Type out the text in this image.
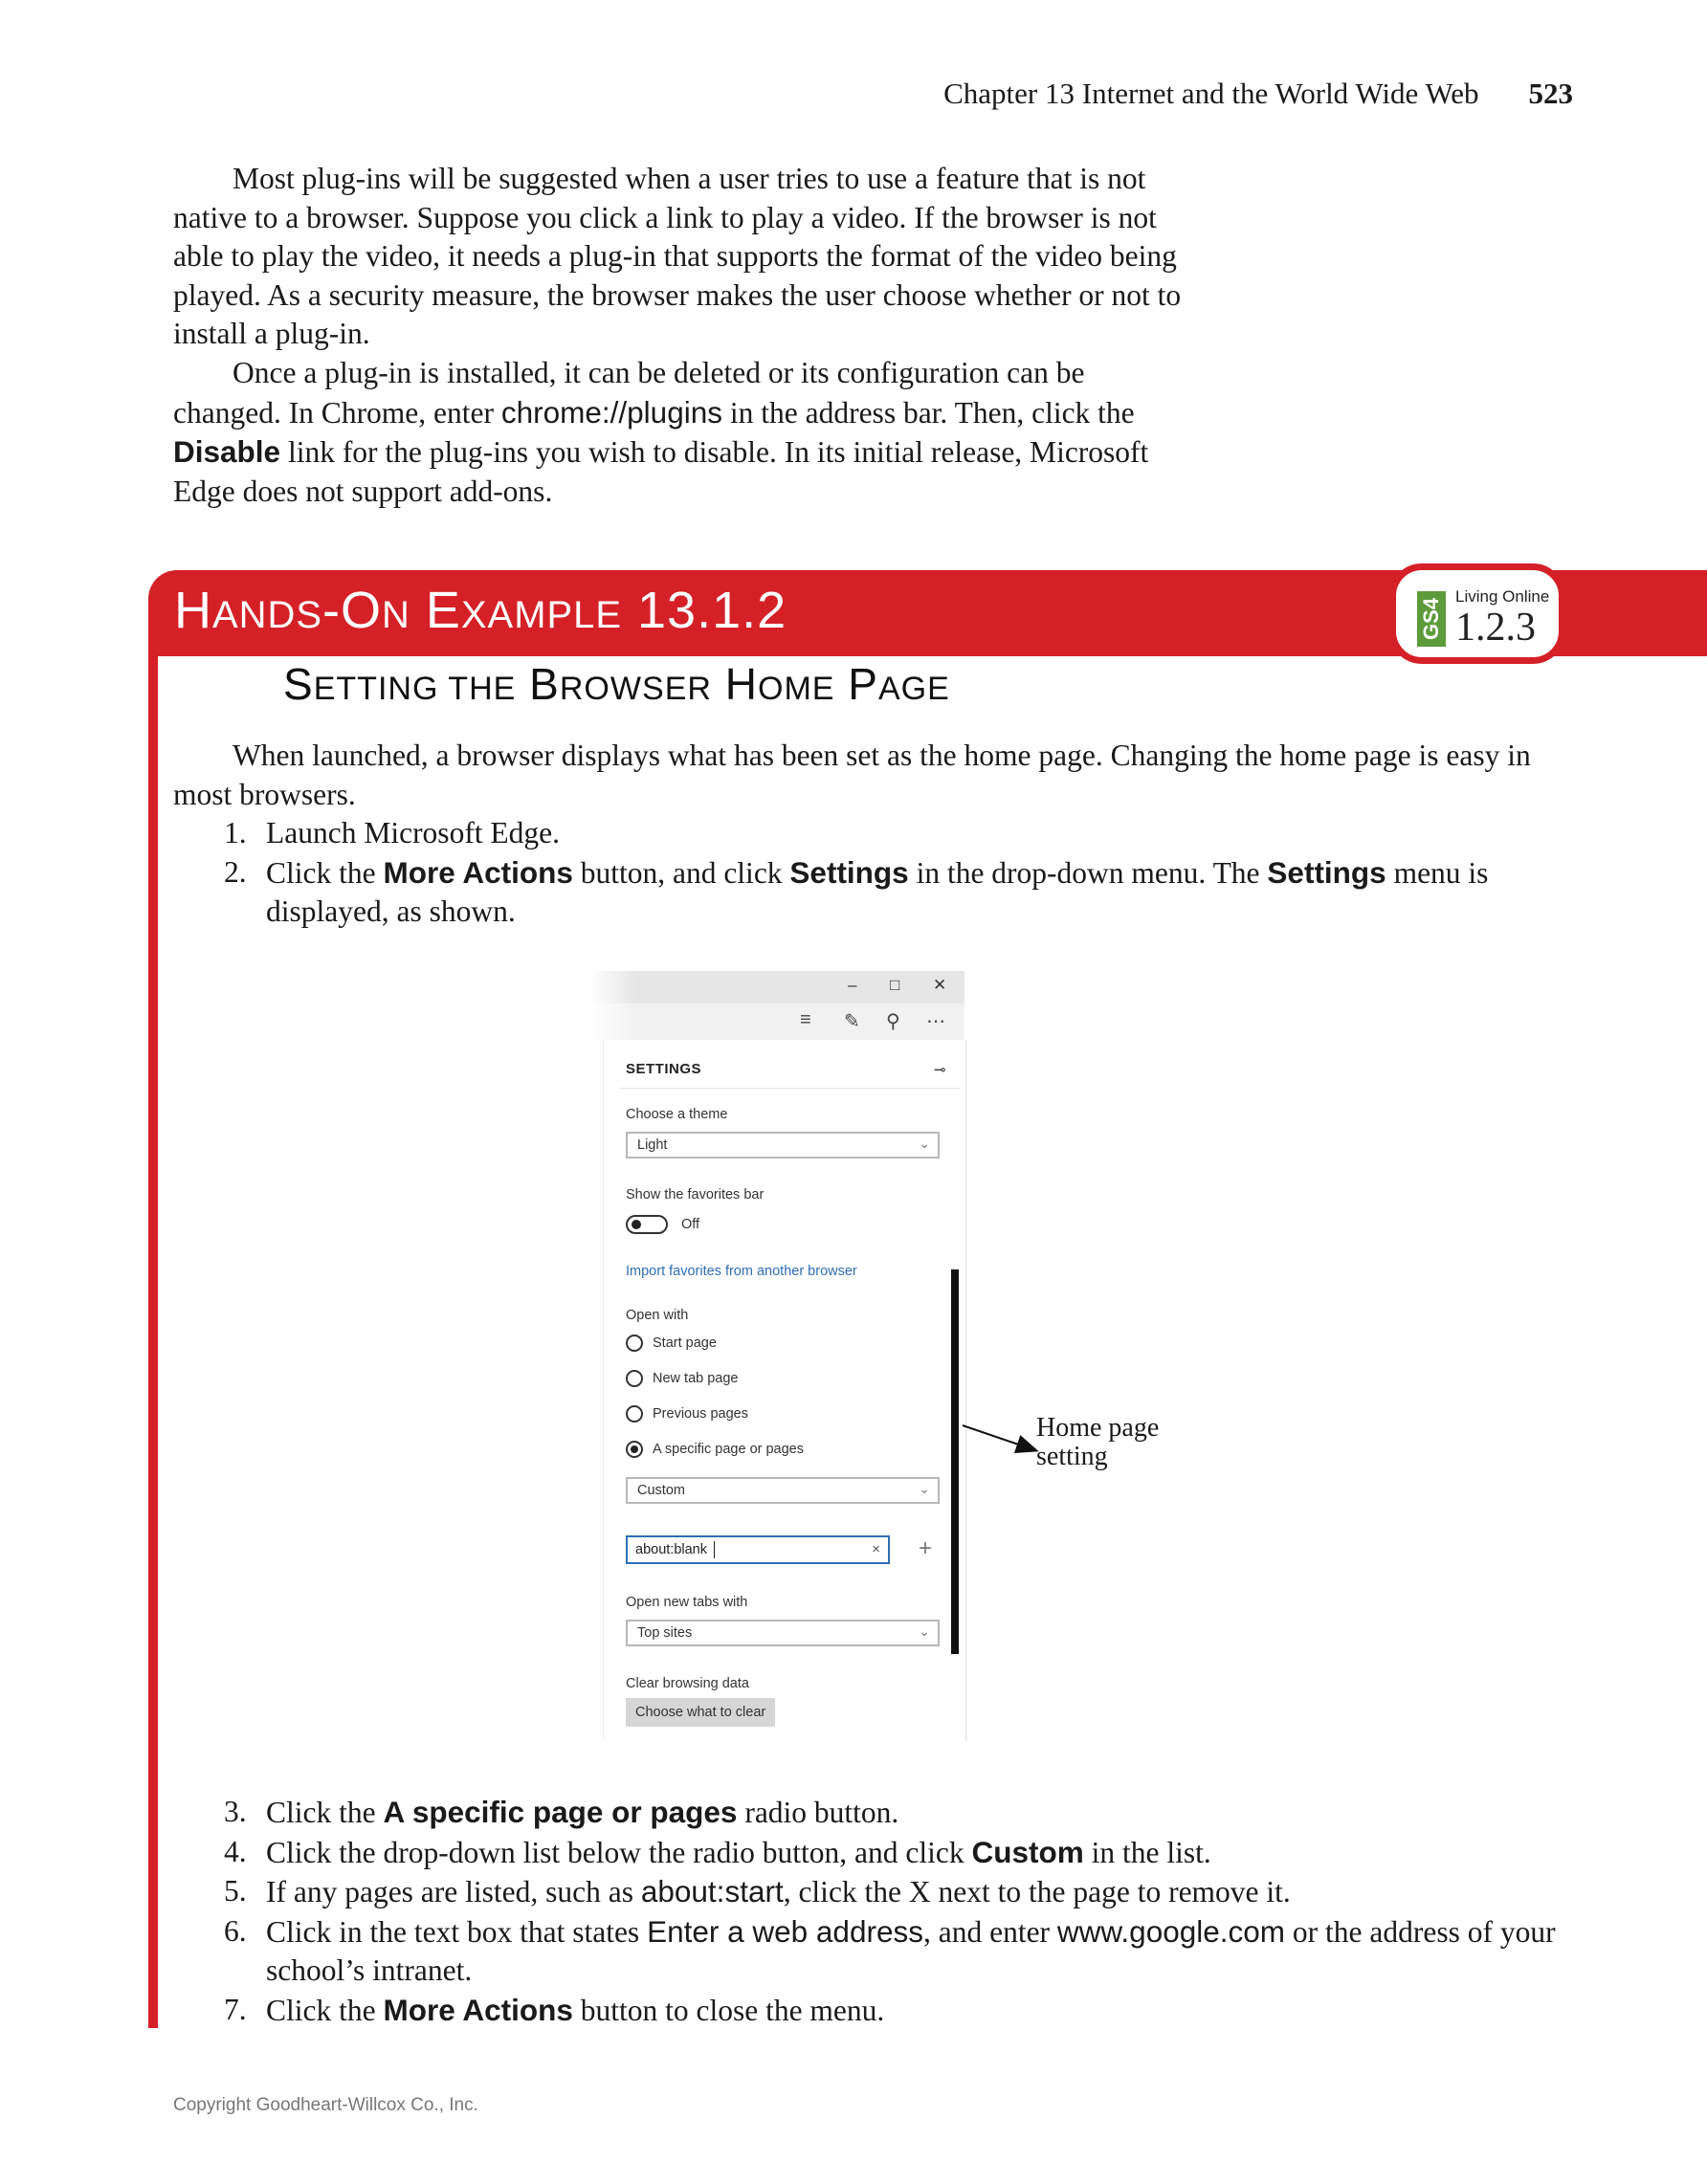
Chapter 13 Internet and the World Wide Web 523

Most plug-ins will be suggested when a user tries to use a feature that is not native to a browser. Suppose you click a link to play a video. If the browser is not able to play the video, it needs a plug-in that supports the format of the video being played. As a security measure, the browser makes the user choose whether or not to install a plug-in.

Once a plug-in is installed, it can be deleted or its configuration can be changed. In Chrome, enter chrome://plugins in the address bar. Then, click the Disable link for the plug-ins you wish to disable. In its initial release, Microsoft Edge does not support add-ons.

HANDS-ON EXAMPLE 13.1.2	GS4
Living Online
1.2.3
SETTING THE BROWSER HOME PAGE

When launched, a browser displays what has been set as the home page. Changing the home page is easy in most browsers.

1. Launch Microsoft Edge.
2. Click the More Actions button, and click Settings in the drop-down menu. The Settings menu is displayed, as shown.
– □ ✕
≡ ✎ ⚲ ⋯
SETTINGS	⊸
Choose a theme
Light	⌄
Show the favorites bar
Off
Import favorites from another browser
Open with
Start page
New tab page
Previous pages
A specific page or pages
Custom	⌄
about:blank	× +
Open new tabs with
Top sites	⌄
Clear browsing data
Choose what to clear
Home page
setting
3. Click the A specific page or pages radio button.
4. Click the drop-down list below the radio button, and click Custom in the list.
5. If any pages are listed, such as about:start, click the X next to the page to remove it.
6. Click in the text box that states Enter a web address, and enter www.google.com or the address of your school’s intranet.
7. Click the More Actions button to close the menu.
Copyright Goodheart-Willcox Co., Inc.
